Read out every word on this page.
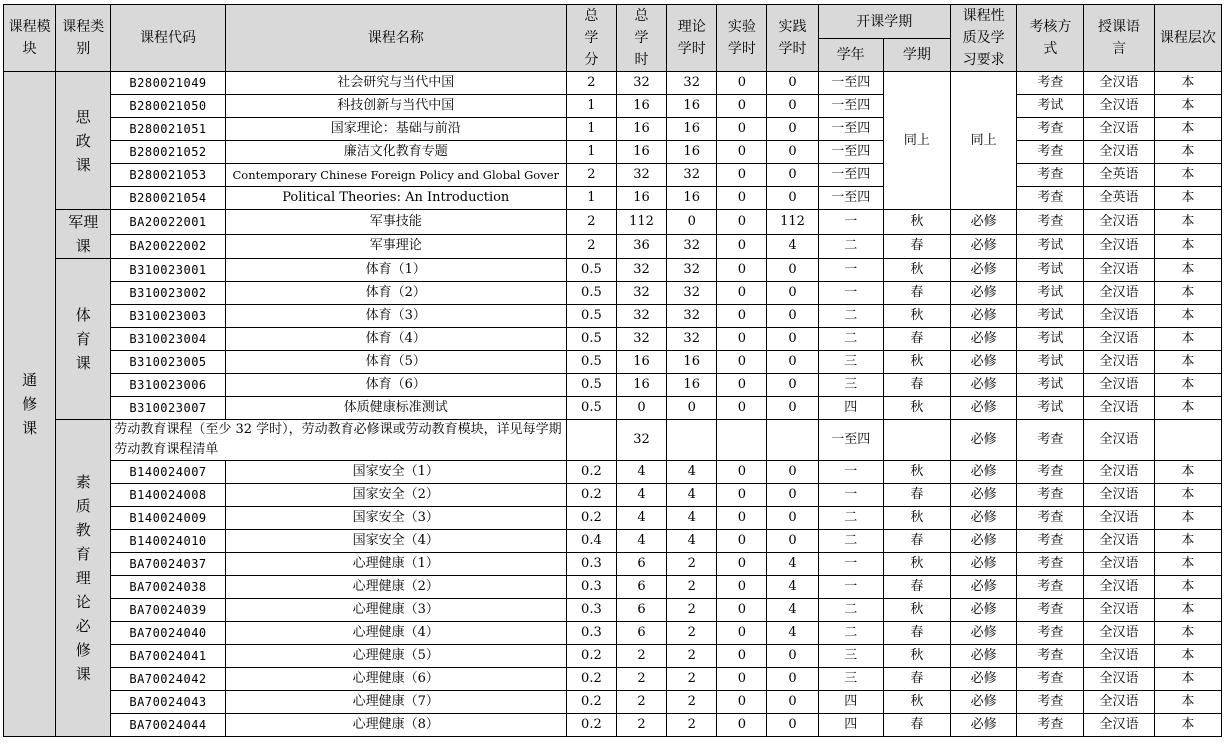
课程模块	课程类别	课程代码	课程名称	总学分	总学时	理论学时	实验学时	实践学时	开课学期		课程性质及学习要求	考核方式	授课语言	课程层次
									学年	学期				
通修课	思政课	B280021049	社会研究与当代中国	2	32	32	0	0	一至四	同上	同上	考查	全汉语	本
		B280021050	科技创新与当代中国	1	16	16	0	0	一至四			考试	全汉语	本
		B280021051	国家理论：基础与前沿	1	16	16	0	0	一至四			考查	全汉语	本
		B280021052	廉洁文化教育专题	1	16	16	0	0	一至四			考查	全汉语	本
		B280021053	Contemporary Chinese Foreign Policy and Global Gover	2	32	32	0	0	一至四			考查	全英语	本
		B280021054	Political Theories: An Introduction	1	16	16	0	0	一至四			考查	全英语	本
	军理课	BA20022001	军事技能	2	112	0	0	112	一	秋	必修	考查	全汉语	本
		BA20022002	军事理论	2	36	32	0	4	二	春	必修	考试	全汉语	本
	体育课	B310023001	体育（1）	0.5	32	32	0	0	一	秋	必修	考试	全汉语	本
		B310023002	体育（2）	0.5	32	32	0	0	一	春	必修	考试	全汉语	本
		B310023003	体育（3）	0.5	32	32	0	0	二	秋	必修	考试	全汉语	本
		B310023004	体育（4）	0.5	32	32	0	0	二	春	必修	考试	全汉语	本
		B310023005	体育（5）	0.5	16	16	0	0	三	秋	必修	考试	全汉语	本
		B310023006	体育（6）	0.5	16	16	0	0	三	春	必修	考试	全汉语	本
		B310023007	体质健康标准测试	0.5	0	0	0	0	四	秋	必修	考试	全汉语	本
	素质教育理论必修课	劳动教育课程（至少 32 学时），劳动教育必修课或劳动教育模块，详见每学期劳动教育课程清单			32				一至四		必修	考查	全汉语	
		B140024007	国家安全（1）	0.2	4	4	0	0	一	秋	必修	考查	全汉语	本
		B140024008	国家安全（2）	0.2	4	4	0	0	一	春	必修	考查	全汉语	本
		B140024009	国家安全（3）	0.2	4	4	0	0	二	秋	必修	考查	全汉语	本
		B140024010	国家安全（4）	0.4	4	4	0	0	二	春	必修	考查	全汉语	本
		BA70024037	心理健康（1）	0.3	6	2	0	4	一	秋	必修	考查	全汉语	本
		BA70024038	心理健康（2）	0.3	6	2	0	4	一	春	必修	考查	全汉语	本
		BA70024039	心理健康（3）	0.3	6	2	0	4	二	秋	必修	考查	全汉语	本
		BA70024040	心理健康（4）	0.3	6	2	0	4	二	春	必修	考查	全汉语	本
		BA70024041	心理健康（5）	0.2	2	2	0	0	三	秋	必修	考查	全汉语	本
		BA70024042	心理健康（6）	0.2	2	2	0	0	三	春	必修	考查	全汉语	本
		BA70024043	心理健康（7）	0.2	2	2	0	0	四	秋	必修	考查	全汉语	本
		BA70024044	心理健康（8）	0.2	2	2	0	0	四	春	必修	考查	全汉语	本
